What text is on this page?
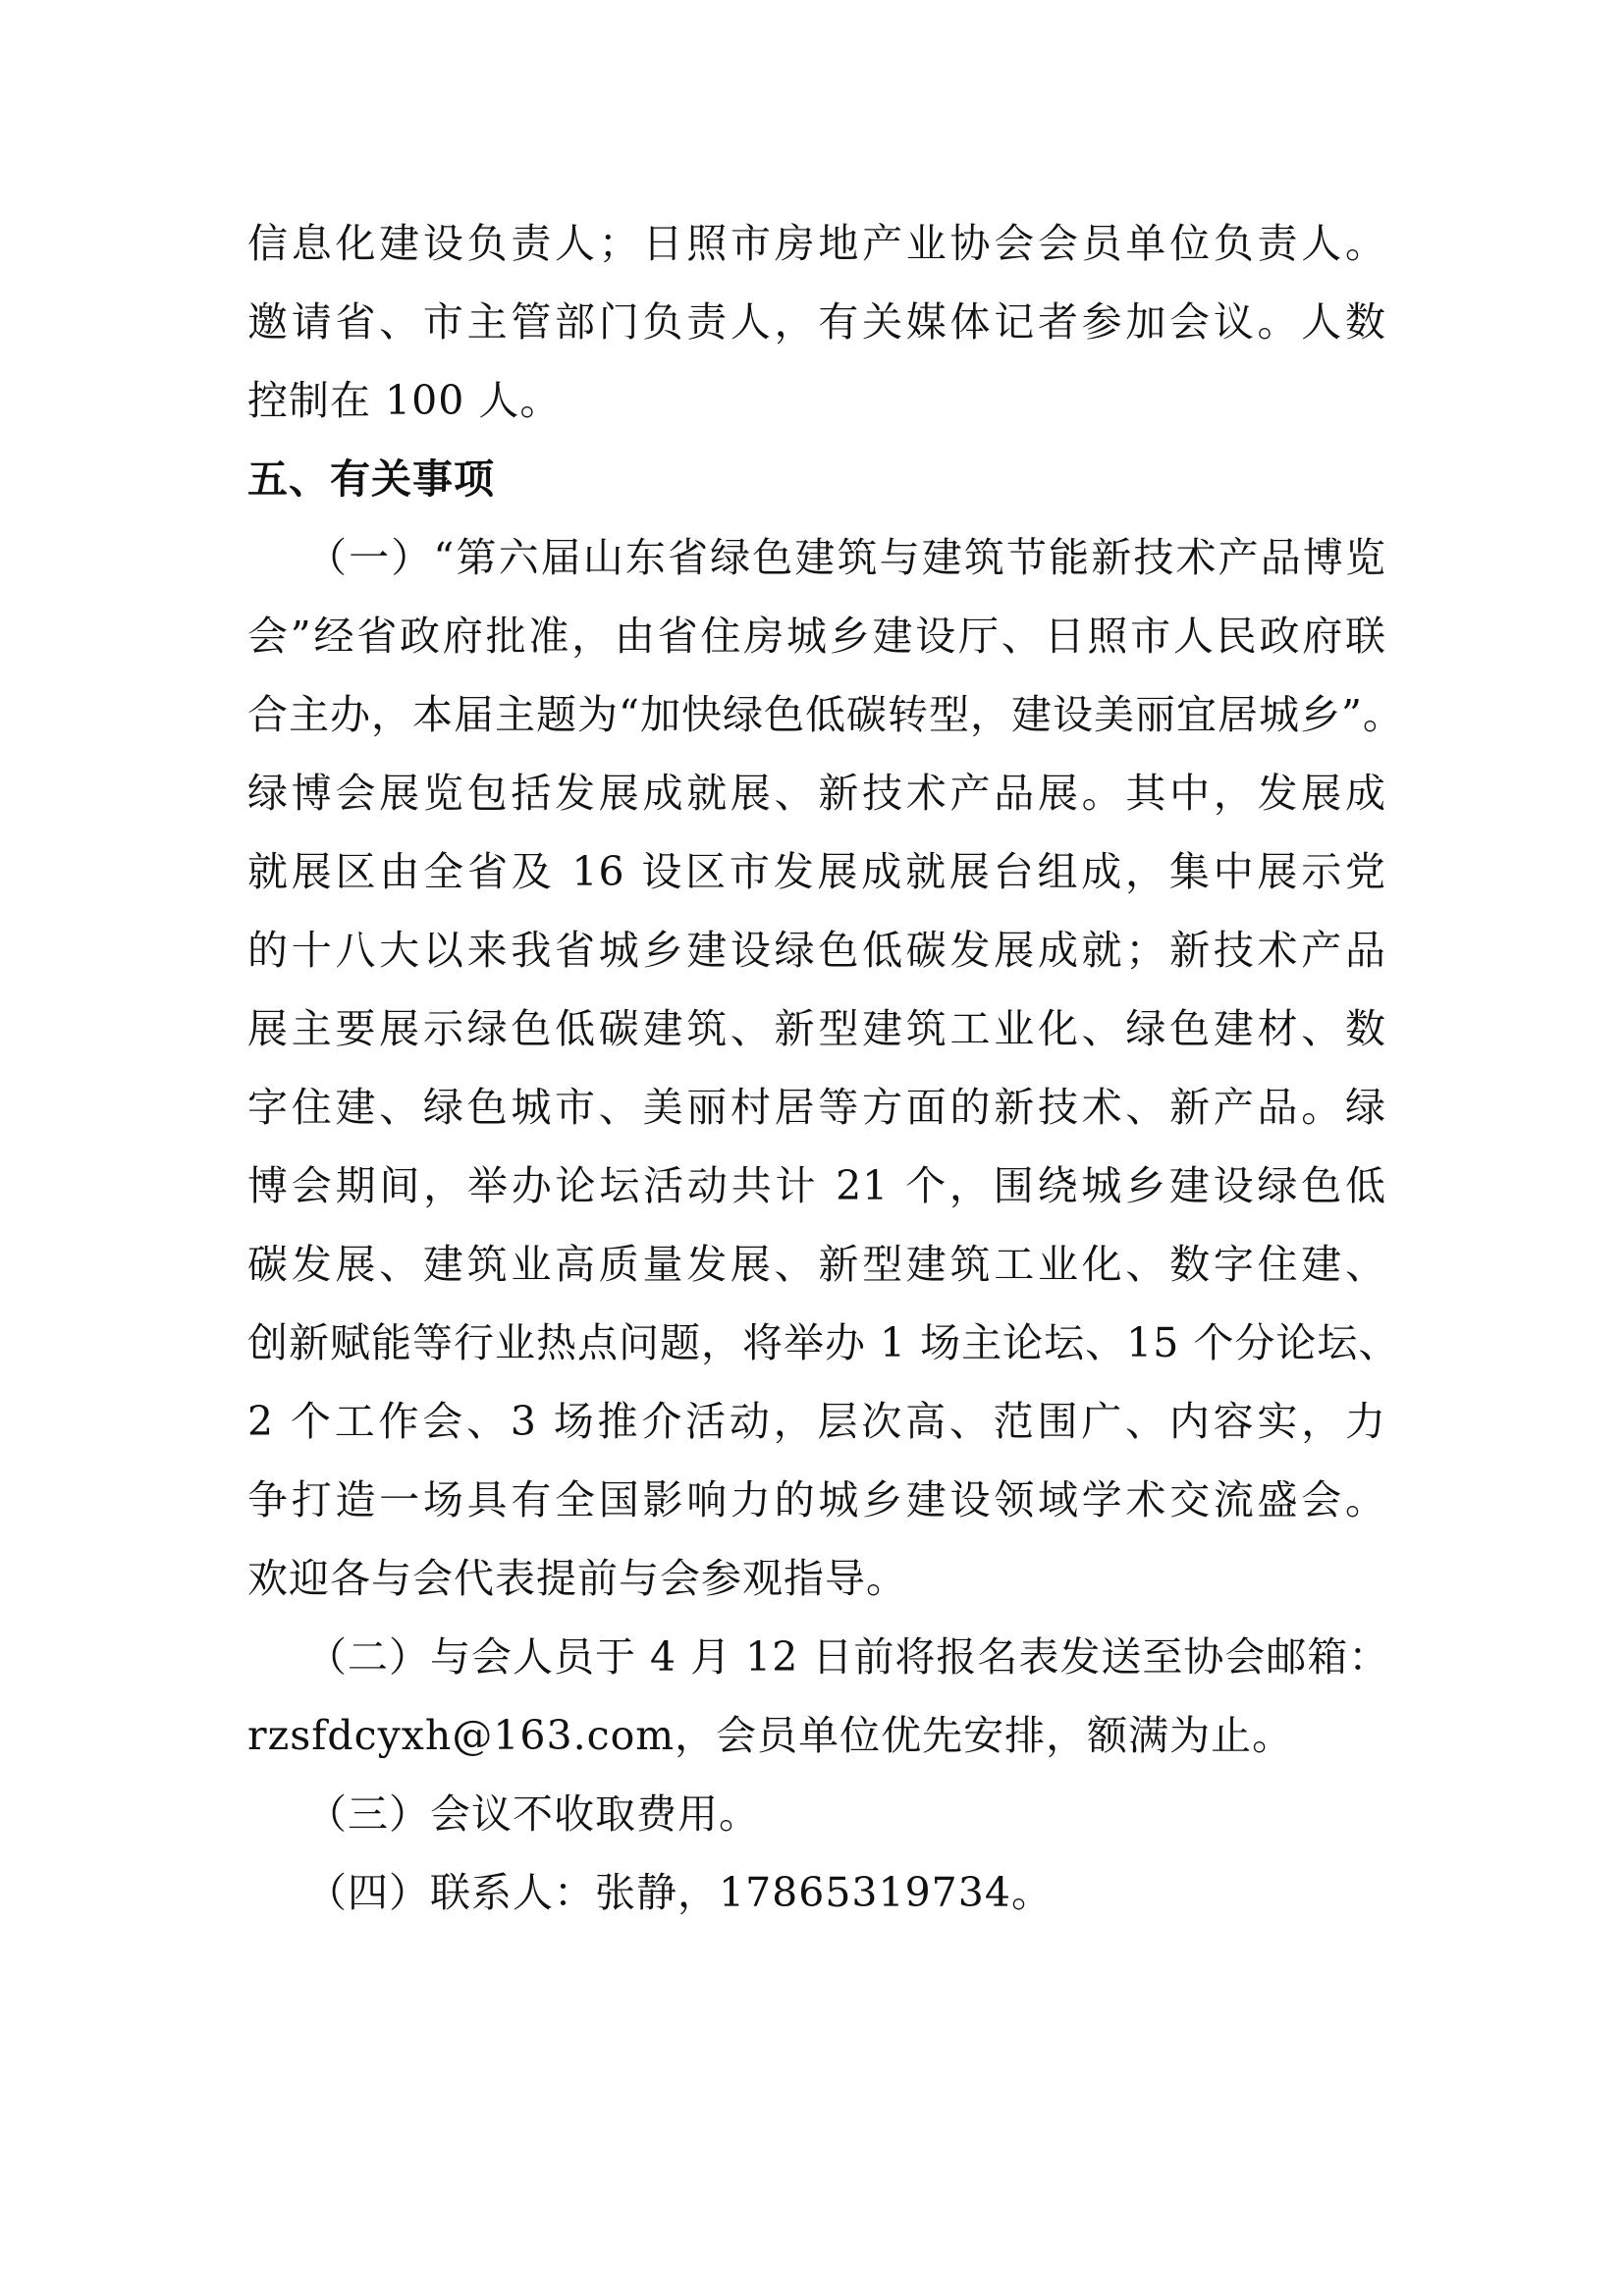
信息化建设负责人；日照市房地产业协会会员单位负责人。
邀请省、市主管部门负责人，有关媒体记者参加会议。人数
控制在 100 人。
五、有关事项
（一）“第六届山东省绿色建筑与建筑节能新技术产品博览
会”经省政府批准，由省住房城乡建设厅、日照市人民政府联
合主办，本届主题为“加快绿色低碳转型，建设美丽宜居城乡”。
绿博会展览包括发展成就展、新技术产品展。其中，发展成
就展区由全省及 16 设区市发展成就展台组成，集中展示党
的十八大以来我省城乡建设绿色低碳发展成就；新技术产品
展主要展示绿色低碳建筑、新型建筑工业化、绿色建材、数
字住建、绿色城市、美丽村居等方面的新技术、新产品。绿
博会期间，举办论坛活动共计 21 个，围绕城乡建设绿色低
碳发展、建筑业高质量发展、新型建筑工业化、数字住建、
创新赋能等行业热点问题，将举办 1 场主论坛、15 个分论坛、
2 个工作会、3 场推介活动，层次高、范围广、内容实，力
争打造一场具有全国影响力的城乡建设领域学术交流盛会。
欢迎各与会代表提前与会参观指导。
（二）与会人员于 4 月 12 日前将报名表发送至协会邮箱：
rzsfdcyxh@163.com，会员单位优先安排，额满为止。
（三）会议不收取费用。
（四）联系人：张静，17865319734。
